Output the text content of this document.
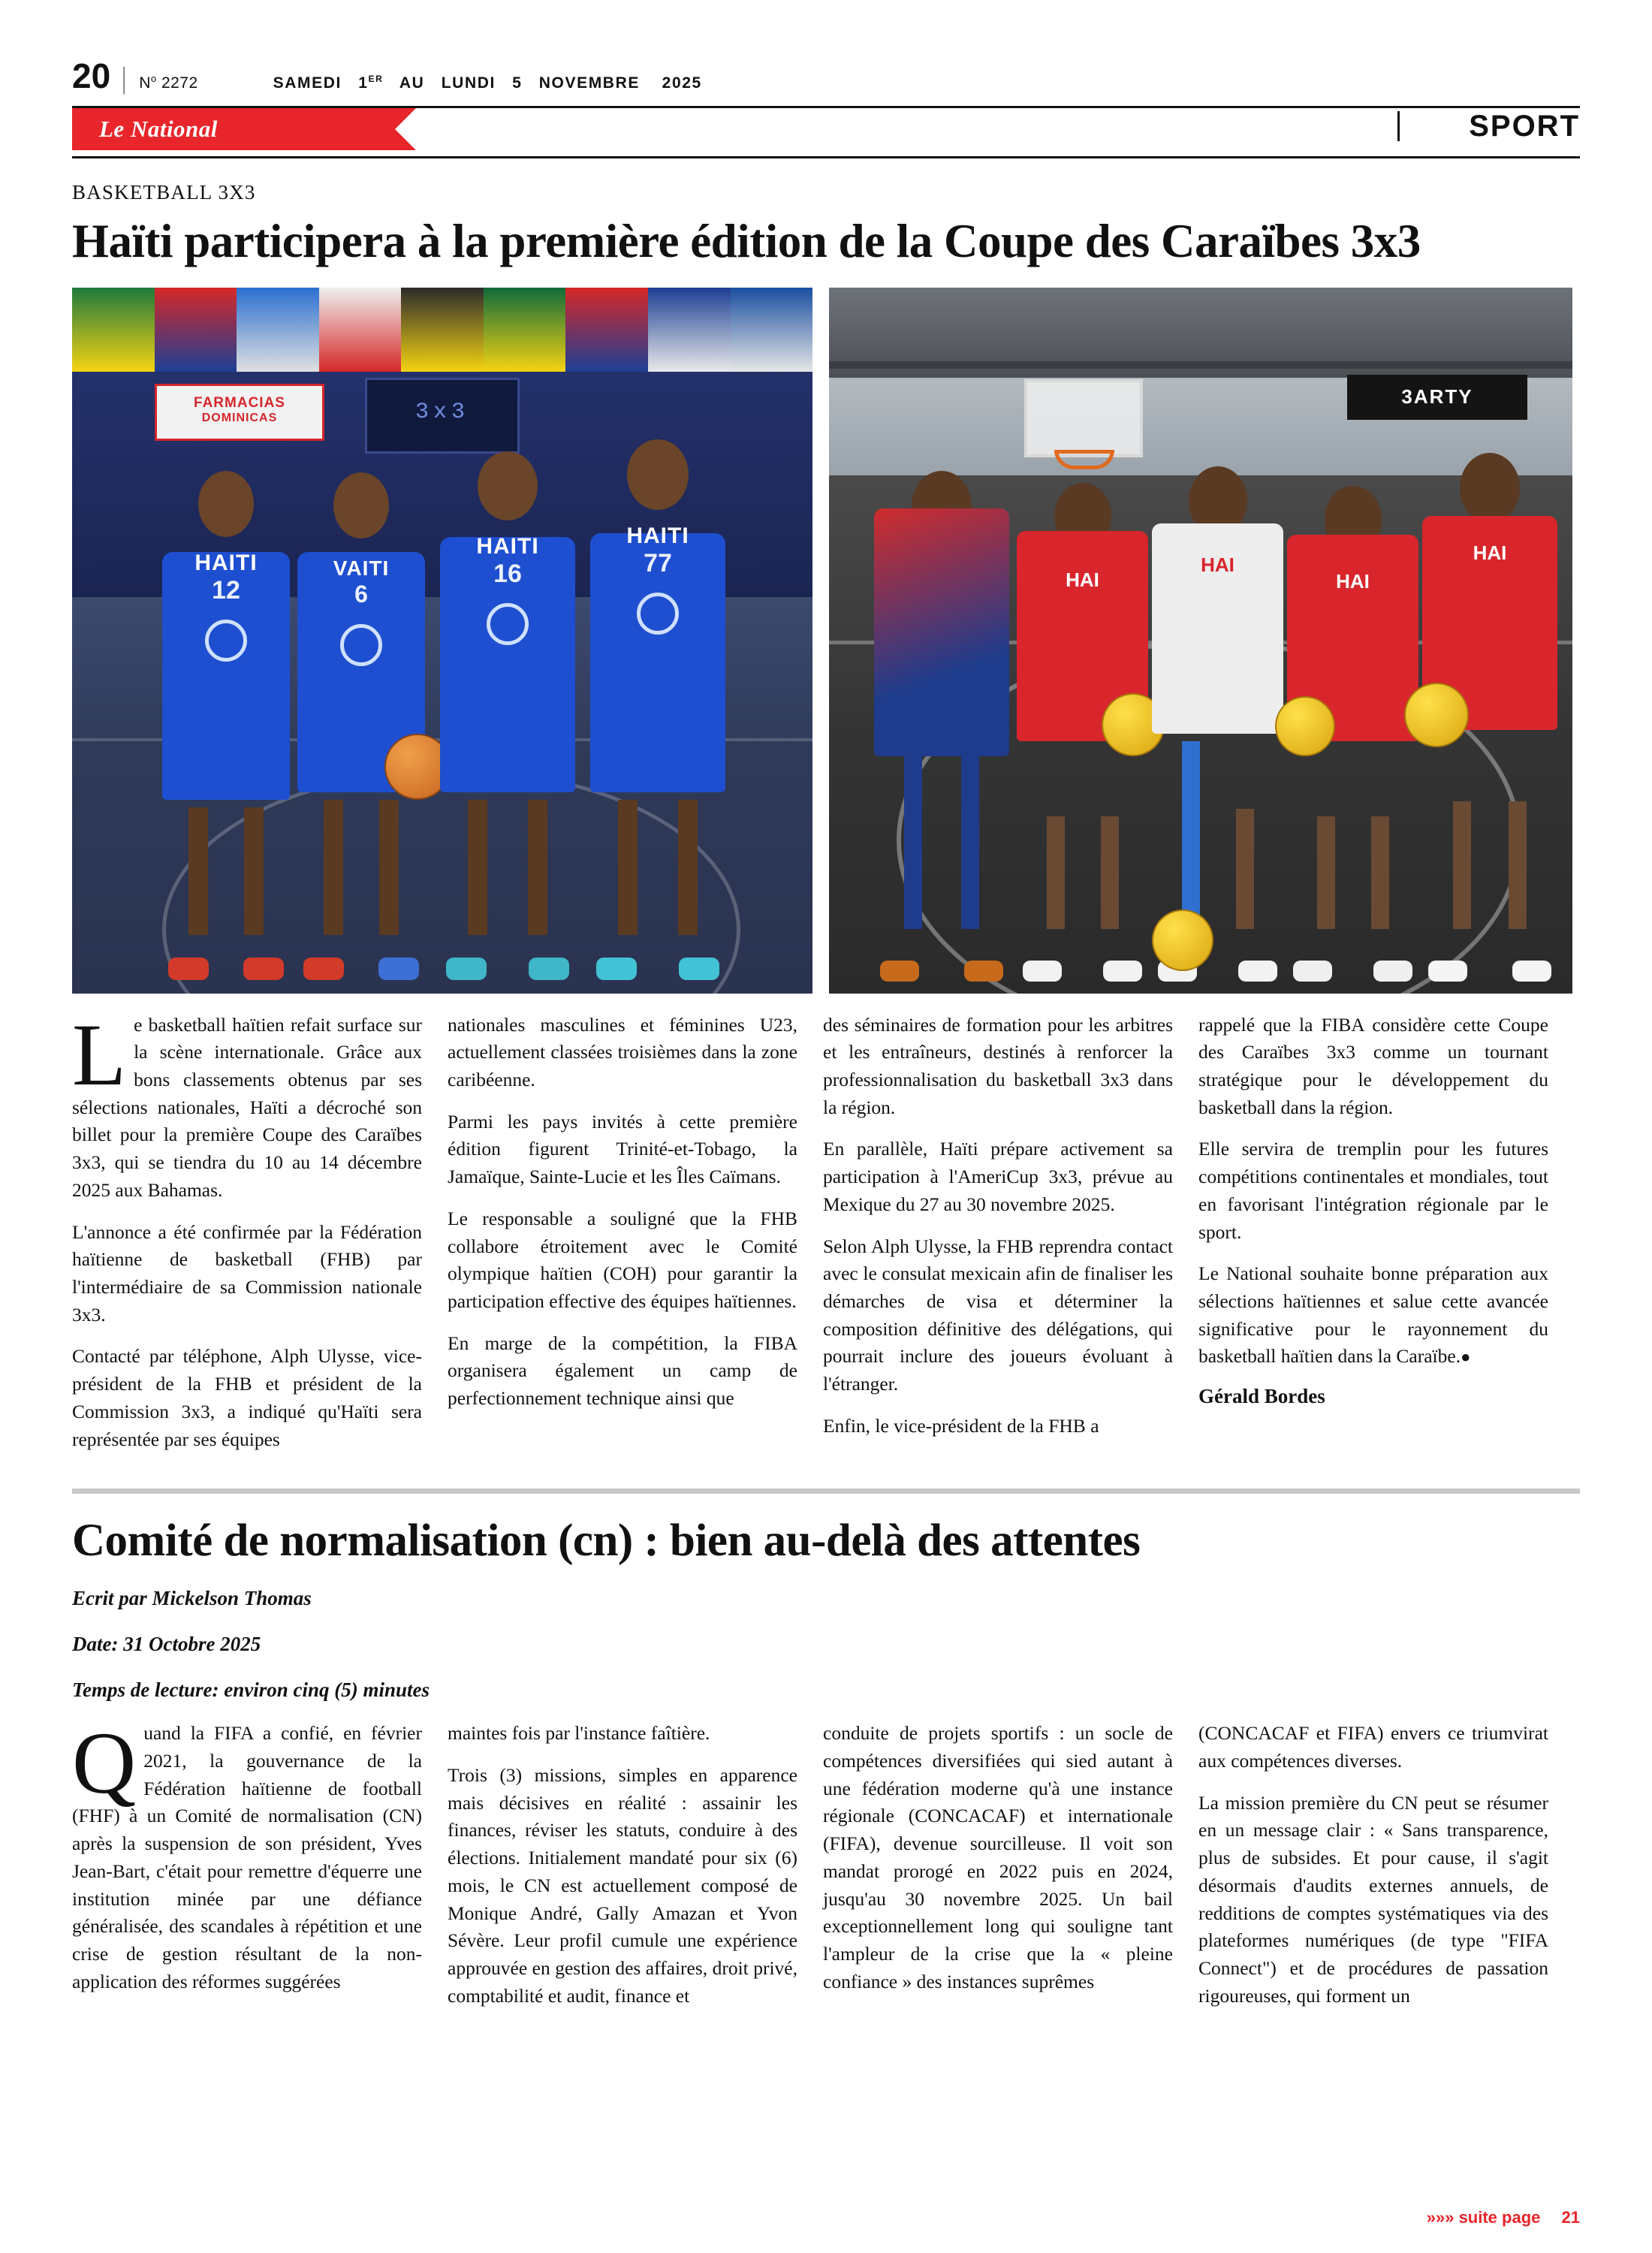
20 | $N^o$ 2272	SAMEDI   1ER   AU   LUNDI   5   NOVEMBRE    2025
Le National	SPORT
BASKETBALL 3X3
Haïti participera à la première édition de la Coupe des Caraïbes 3x3
FARMACIAS
DOMINICAS	3x3
HAITI
12
VAITI
6
HAITI
16
HAITI
77
3ARTY
HAI
HAI
HAI
HAI

Le basketball haïtien refait surface sur la scène internationale. Grâce aux bons classements obtenus par ses sélections nationales, Haïti a décroché son billet pour la première Coupe des Caraïbes 3x3, qui se tiendra du 10 au 14 décembre 2025 aux Bahamas.

L'annonce a été confirmée par la Fédération haïtienne de basketball (FHB) par l'intermédiaire de sa Commission nationale 3x3.

Contacté par téléphone, Alph Ulysse, vice-président de la FHB et président de la Commission 3x3, a indiqué qu'Haïti sera représentée par ses équipes

nationales masculines et féminines U23, actuellement classées troisièmes dans la zone caribéenne.

Parmi les pays invités à cette première édition figurent Trinité-et-Tobago, la Jamaïque, Sainte-Lucie et les Îles Caïmans.

Le responsable a souligné que la FHB collabore étroitement avec le Comité olympique haïtien (COH) pour garantir la participation effective des équipes haïtiennes.

En marge de la compétition, la FIBA organisera également un camp de perfectionnement technique ainsi que

des séminaires de formation pour les arbitres et les entraîneurs, destinés à renforcer la professionnalisation du basketball 3x3 dans la région.

En parallèle, Haïti prépare activement sa participation à l'AmeriCup 3x3, prévue au Mexique du 27 au 30 novembre 2025.

Selon Alph Ulysse, la FHB reprendra contact avec le consulat mexicain afin de finaliser les démarches de visa et déterminer la composition définitive des délégations, qui pourrait inclure des joueurs évoluant à l'étranger.

Enfin, le vice-président de la FHB a

rappelé que la FIBA considère cette Coupe des Caraïbes 3x3 comme un tournant stratégique pour le développement du basketball dans la région.

Elle servira de tremplin pour les futures compétitions continentales et mondiales, tout en favorisant l'intégration régionale par le sport.

Le National souhaite bonne préparation aux sélections haïtiennes et salue cette avancée significative pour le rayonnement du basketball haïtien dans la Caraïbe.●

Gérald Bordes
Comité de normalisation (cn) : bien au-delà des attentes
Ecrit par Mickelson Thomas
Date: 31 Octobre 2025
Temps de lecture: environ cinq (5) minutes

Quand la FIFA a confié, en février 2021, la gouvernance de la Fédération haïtienne de football (FHF) à un Comité de normalisation (CN) après la suspension de son président, Yves Jean-Bart, c'était pour remettre d'équerre une institution minée par une défiance généralisée, des scandales à répétition et une crise de gestion résultant de la non-application des réformes suggérées

maintes fois par l'instance faîtière.

Trois (3) missions, simples en apparence mais décisives en réalité : assainir les finances, réviser les statuts, conduire à des élections. Initialement mandaté pour six (6) mois, le CN est actuellement composé de Monique André, Gally Amazan et Yvon Sévère. Leur profil cumule une expérience approuvée en gestion des affaires, droit privé, comptabilité et audit, finance et

conduite de projets sportifs : un socle de compétences diversifiées qui sied autant à une fédération moderne qu'à une instance régionale (CONCACAF) et internationale (FIFA), devenue sourcilleuse. Il voit son mandat prorogé en 2022 puis en 2024, jusqu'au 30 novembre 2025. Un bail exceptionnellement long qui souligne tant l'ampleur de la crise que la « pleine confiance » des instances suprêmes

(CONCACAF et FIFA) envers ce triumvirat aux compétences diverses.

La mission première du CN peut se résumer en un message clair : « Sans transparence, plus de subsides. Et pour cause, il s'agit désormais d'audits externes annuels, de redditions de comptes systématiques via des plateformes numériques (de type "FIFA Connect") et de procédures de passation rigoureuses, qui forment un

»»» suite page 21
